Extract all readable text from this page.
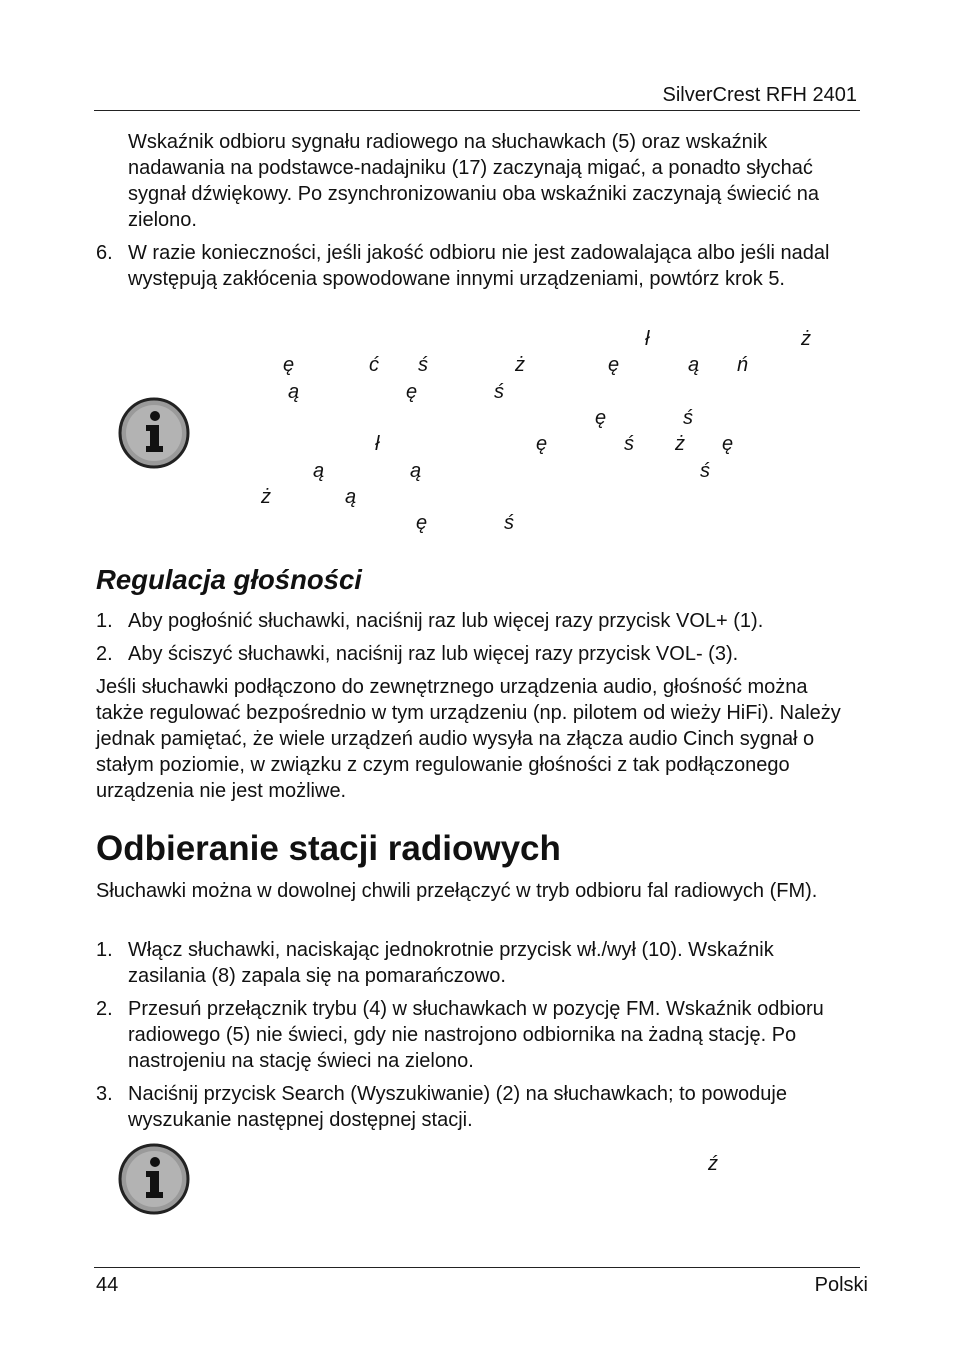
SilverCrest RFH 2401
Wskaźnik odbioru sygnału radiowego na słuchawkach (5) oraz wskaźnik nadawania na podstawce-nadajniku (17) zaczynają migać, a ponadto słychać sygnał dźwiękowy. Po zsynchronizowaniu oba wskaźniki zaczynają świecić na zielono.
6. W razie konieczności, jeśli jakość odbioru nie jest zadowalająca albo jeśli nadal występują zakłócenia spowodowane innymi urządzeniami, powtórz krok 5.
ł	ż
ę	ć ś	ż	ę	ą ń
ą	ę	ś
ę	ś
ł	ę	ś ż ę
ą	ą	ś
ż	ą
ę	ś
Regulacja głośności
1. Aby pogłośnić słuchawki, naciśnij raz lub więcej razy przycisk VOL+ (1).
2. Aby ściszyć słuchawki, naciśnij raz lub więcej razy przycisk VOL- (3).
Jeśli słuchawki podłączono do zewnętrznego urządzenia audio, głośność można także regulować bezpośrednio w tym urządzeniu (np. pilotem od wieży HiFi). Należy jednak pamiętać, że wiele urządzeń audio wysyła na złącza audio Cinch sygnał o stałym poziomie, w związku z czym regulowanie głośności z tak podłączonego urządzenia nie jest możliwe.
Odbieranie stacji radiowych
Słuchawki można w dowolnej chwili przełączyć w tryb odbioru fal radiowych (FM).
1. Włącz słuchawki, naciskając jednokrotnie przycisk wł./wył (10). Wskaźnik zasilania (8) zapala się na pomarańczowo.
2. Przesuń przełącznik trybu (4) w słuchawkach w pozycję FM. Wskaźnik odbioru radiowego (5) nie świeci, gdy nie nastrojono odbiornika na żadną stację. Po nastrojeniu na stację świeci na zielono.
3. Naciśnij przycisk Search (Wyszukiwanie) (2) na słuchawkach; to powoduje wyszukanie następnej dostępnej stacji.
ź
44	Polski
